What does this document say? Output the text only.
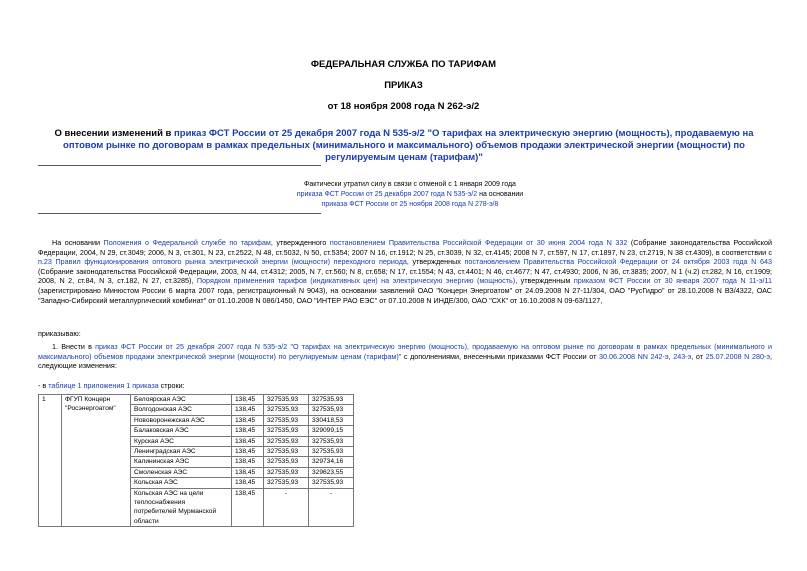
ФЕДЕРАЛЬНАЯ СЛУЖБА ПО ТАРИФАМ
ПРИКАЗ
от 18 ноября 2008 года N 262-э/2
О внесении изменений в приказ ФСТ России от 25 декабря 2007 года N 535-э/2 "О тарифах на электрическую энергию (мощность), продаваемую на оптовом рынке по договорам в рамках предельных (минимального и максимального) объемов продажи электрической энергии (мощности) по регулируемым ценам (тарифам)"
Фактически утратил силу в связи с отменой с 1 января 2009 года
приказа ФСТ России от 25 декабря 2007 года N 535-э/2 на основании
приказа ФСТ России от 25 ноября 2008 года N 278-э/8
На основании Положения о Федеральной службе по тарифам, утвержденного постановлением Правительства Российской Федерации от 30 июня 2004 года N 332 (Собрание законодательства Российской Федерации, 2004, N 29, ст.3049; 2006, N 3, ст.301, N 23, ст.2522, N 48, ст.5032, N 50, ст.5354; 2007 N 16, ст.1912; N 25, ст.3039, N 32, ст.4145; 2008 N 7, ст.597, N 17, ст.1897, N 23, ст.2719, N 38 ст.4309), в соответствии с п.23 Правил функционирования оптового рынка электрической энергии (мощности) переходного периода, утвержденных постановлением Правительства Российской Федерации от 24 октября 2003 года N 643 (Собрание законодательства Российской Федерации, 2003, N 44, ст.4312; 2005, N 7, ст.560; N 8, ст.658; N 17, ст.1554; N 43, ст.4401; N 46, ст.4677; N 47, ст.4930; 2006, N 36, ст.3835; 2007, N 1 (ч.2) ст.282, N 16, ст.1909; 2008, N 2, ст.84, N 3, ст.182, N 27, ст.3285), Порядком применения тарифов (индикативных цен) на электрическую энергию (мощность), утвержденным приказом ФСТ России от 30 января 2007 года N 11-э/11 (зарегистрировано Минюстом России 6 марта 2007 года, регистрационный N 9043), на основании заявлений ОАО "Концерн Энергоатом" от 24.09.2008 N 27-11/304, ОАО "РусГидро" от 28.10.2008 N ВЗ/4322, ОАС "Западно-Сибирский металлургический комбинат" от 01.10.2008 N 086/1450, ОАО "ИНТЕР РАО ЕЭС" от 07.10.2008 N ИНДЕ/300, ОАО "СХК" от 16.10.2008 N 09-63/1127,
приказываю:
1. Внести в приказ ФСТ России от 25 декабря 2007 года N 535-э/2 "О тарифах на электрическую энергию (мощность), продаваемую на оптовом рынке по договорам в рамках предельных (минимального и максимального) объемов продажи электрической энергии (мощности) по регулируемым ценам (тарифам)" с дополнениями, внесенными приказами ФСТ России от 30.06.2008 NN 242-э, 243-э, от 25.07.2008 N 280-э, следующие изменения:
- в таблице 1 приложения 1 приказа строки:
1	ФГУП Концерн "Росэнергоатом"	Белоярская АЭС	138,45	327535,93	327535,93
		Волгодонская АЭС	138,45	327535,93	327535,93
		Нововоронежская АЭС	138,45	327535,93	330418,53
		Балаковская АЭС	138,45	327535,93	329099,15
		Курская АЭС	138,45	327535,93	327535,93
		Ленинградская АЭС	138,45	327535,93	327535,93
		Калининская АЭС	138,45	327535,93	329734,16
		Смоленская АЭС	138,45	327535,93	329623,55
		Кольская АЭС	138,45	327535,93	327535,93
		Кольская АЭС на цели теплоснабжения потребителей Мурманской области	138,45	-	-
